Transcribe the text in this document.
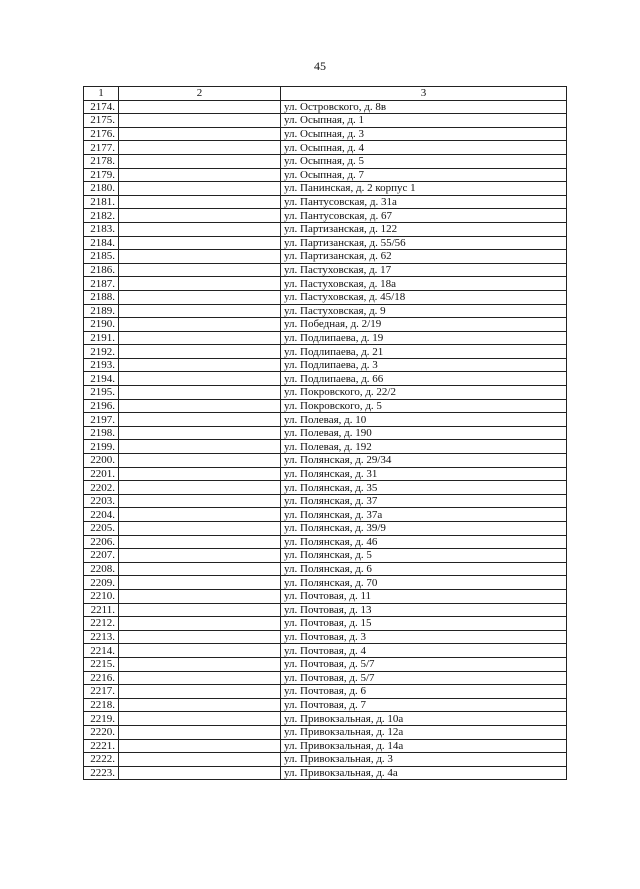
45
1	2	3
2174.		ул. Островского, д. 8в
2175.		ул. Осыпная, д. 1
2176.		ул. Осыпная, д. 3
2177.		ул. Осыпная, д. 4
2178.		ул. Осыпная, д. 5
2179.		ул. Осыпная, д. 7
2180.		ул. Панинская, д. 2 корпус 1
2181.		ул. Пантусовская, д. 31а
2182.		ул. Пантусовская, д. 67
2183.		ул. Партизанская, д. 122
2184.		ул. Партизанская, д. 55/56
2185.		ул. Партизанская, д. 62
2186.		ул. Пастуховская, д. 17
2187.		ул. Пастуховская, д. 18а
2188.		ул. Пастуховская, д. 45/18
2189.		ул. Пастуховская, д. 9
2190.		ул. Победная, д. 2/19
2191.		ул. Подлипаева, д. 19
2192.		ул. Подлипаева, д. 21
2193.		ул. Подлипаева, д. 3
2194.		ул. Подлипаева, д. 66
2195.		ул. Покровского, д. 22/2
2196.		ул. Покровского, д. 5
2197.		ул. Полевая, д. 10
2198.		ул. Полевая, д. 190
2199.		ул. Полевая, д. 192
2200.		ул. Полянская, д. 29/34
2201.		ул. Полянская, д. 31
2202.		ул. Полянская, д. 35
2203.		ул. Полянская, д. 37
2204.		ул. Полянская, д. 37а
2205.		ул. Полянская, д. 39/9
2206.		ул. Полянская, д. 46
2207.		ул. Полянская, д. 5
2208.		ул. Полянская, д. 6
2209.		ул. Полянская, д. 70
2210.		ул. Почтовая, д. 11
2211.		ул. Почтовая, д. 13
2212.		ул. Почтовая, д. 15
2213.		ул. Почтовая, д. 3
2214.		ул. Почтовая, д. 4
2215.		ул. Почтовая, д. 5/7
2216.		ул. Почтовая, д. 5/7
2217.		ул. Почтовая, д. 6
2218.		ул. Почтовая, д. 7
2219.		ул. Привокзальная, д. 10а
2220.		ул. Привокзальная, д. 12а
2221.		ул. Привокзальная, д. 14а
2222.		ул. Привокзальная, д. 3
2223.		ул. Привокзальная, д. 4а
